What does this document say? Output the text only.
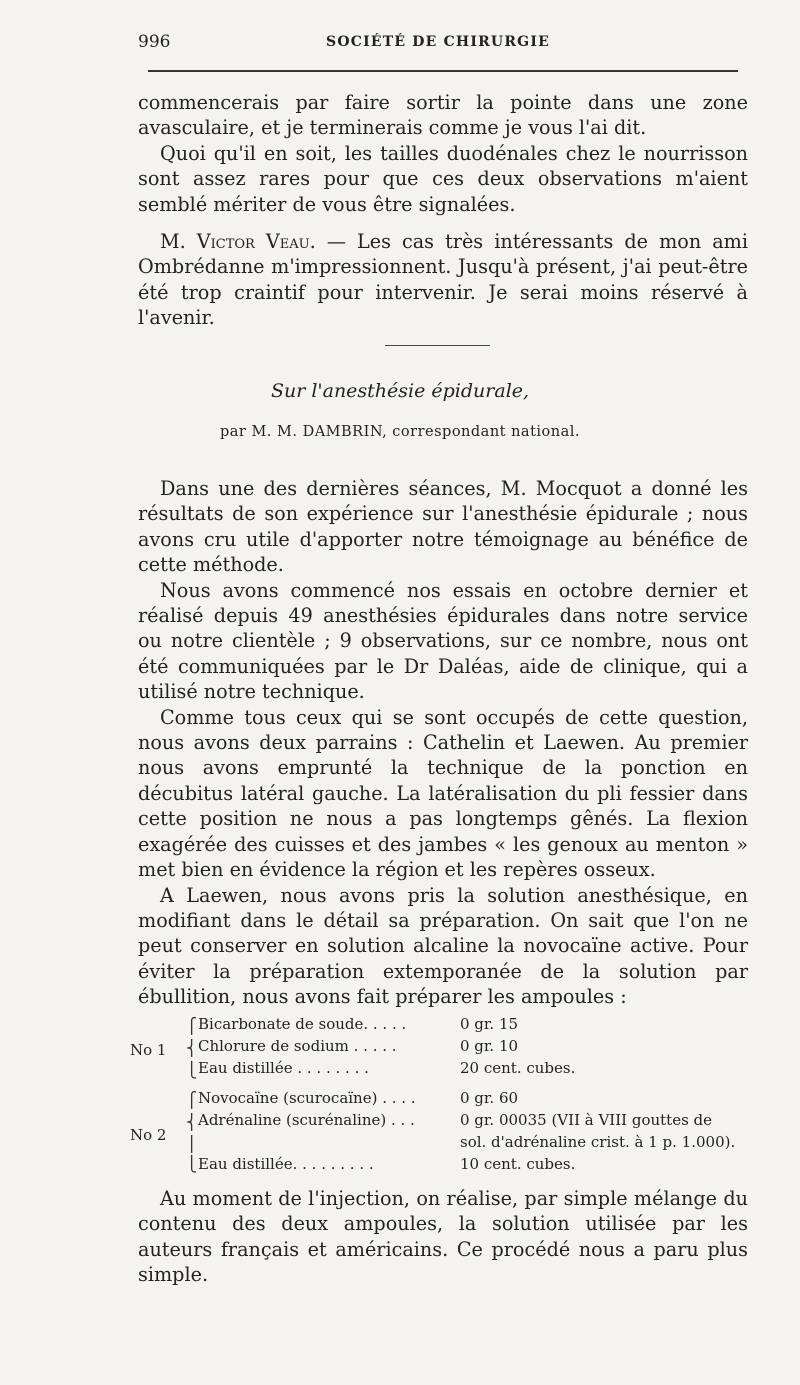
996	SOCIÉTÉ DE CHIRURGIE

commencerais par faire sortir la pointe dans une zone avasculaire, et je terminerais comme je vous l'ai dit.

Quoi qu'il en soit, les tailles duodénales chez le nourrisson sont assez rares pour que ces deux observations m'aient semblé mériter de vous être signalées.

M. Victor Veau. — Les cas très intéressants de mon ami Ombrédanne m'impressionnent. Jusqu'à présent, j'ai peut-être été trop craintif pour intervenir. Je serai moins réservé à l'avenir.

Sur l'anesthésie épidurale,
par M. M. DAMBRIN, correspondant national.

Dans une des dernières séances, M. Mocquot a donné les résultats de son expérience sur l'anesthésie épidurale ; nous avons cru utile d'apporter notre témoignage au bénéfice de cette méthode.

Nous avons commencé nos essais en octobre dernier et réalisé depuis 49 anesthésies épidurales dans notre service ou notre clientèle ; 9 observations, sur ce nombre, nous ont été communiquées par le Dr Daléas, aide de clinique, qui a utilisé notre technique.

Comme tous ceux qui se sont occupés de cette question, nous avons deux parrains : Cathelin et Laewen. Au premier nous avons emprunté la technique de la ponction en décubitus latéral gauche. La latéralisation du pli fessier dans cette position ne nous a pas longtemps gênés. La flexion exagérée des cuisses et des jambes « les genoux au menton » met bien en évidence la région et les repères osseux.

A Laewen, nous avons pris la solution anesthésique, en modifiant dans le détail sa préparation. On sait que l'on ne peut conserver en solution alcaline la novocaïne active. Pour éviter la préparation extemporanée de la solution par ébullition, nous avons fait préparer les ampoules :

No 1
⎧
⎨
⎩
Bicarbonate de soude. . . . .	0 gr. 15
Chlorure de sodium . . . . .	0 gr. 10
Eau distillée . . . . . . . .	20 cent. cubes.
No 2
⎧
⎨
⎪
⎩
Novocaïne (scurocaïne) . . . .	0 gr. 60
Adrénaline (scurénaline) . . .	0 gr. 00035 (VII à VIII gouttes de
sol. d'adrénaline crist. à 1 p. 1.000).
Eau distillée. . . . . . . . .	10 cent. cubes.

Au moment de l'injection, on réalise, par simple mélange du contenu des deux ampoules, la solution utilisée par les auteurs français et américains. Ce procédé nous a paru plus simple.
